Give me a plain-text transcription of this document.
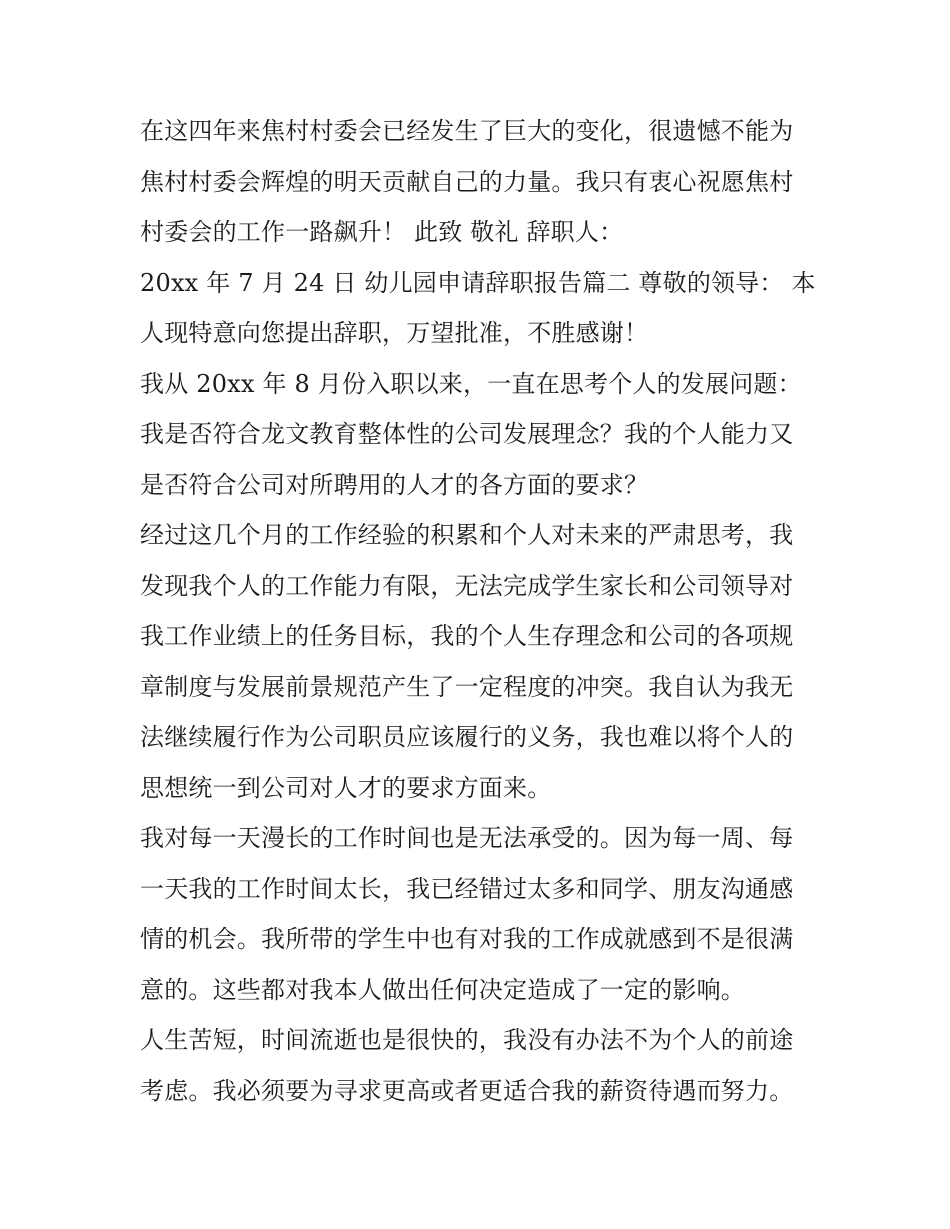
在这四年来焦村村委会已经发生了巨大的变化，很遗憾不能为
焦村村委会辉煌的明天贡献自己的力量。我只有衷心祝愿焦村
村委会的工作一路飙升！ 此致 敬礼 辞职人：
20xx 年 7 月 24 日 幼儿园申请辞职报告篇二 尊敬的领导： 本
人现特意向您提出辞职，万望批准，不胜感谢！
我从 20xx 年 8 月份入职以来，一直在思考个人的发展问题：
我是否符合龙文教育整体性的公司发展理念？我的个人能力又
是否符合公司对所聘用的人才的各方面的要求？
经过这几个月的工作经验的积累和个人对未来的严肃思考，我
发现我个人的工作能力有限，无法完成学生家长和公司领导对
我工作业绩上的任务目标，我的个人生存理念和公司的各项规
章制度与发展前景规范产生了一定程度的冲突。我自认为我无
法继续履行作为公司职员应该履行的义务，我也难以将个人的
思想统一到公司对人才的要求方面来。
我对每一天漫长的工作时间也是无法承受的。因为每一周、每
一天我的工作时间太长，我已经错过太多和同学、朋友沟通感
情的机会。我所带的学生中也有对我的工作成就感到不是很满
意的。这些都对我本人做出任何决定造成了一定的影响。
人生苦短，时间流逝也是很快的，我没有办法不为个人的前途
考虑。我必须要为寻求更高或者更适合我的薪资待遇而努力。
